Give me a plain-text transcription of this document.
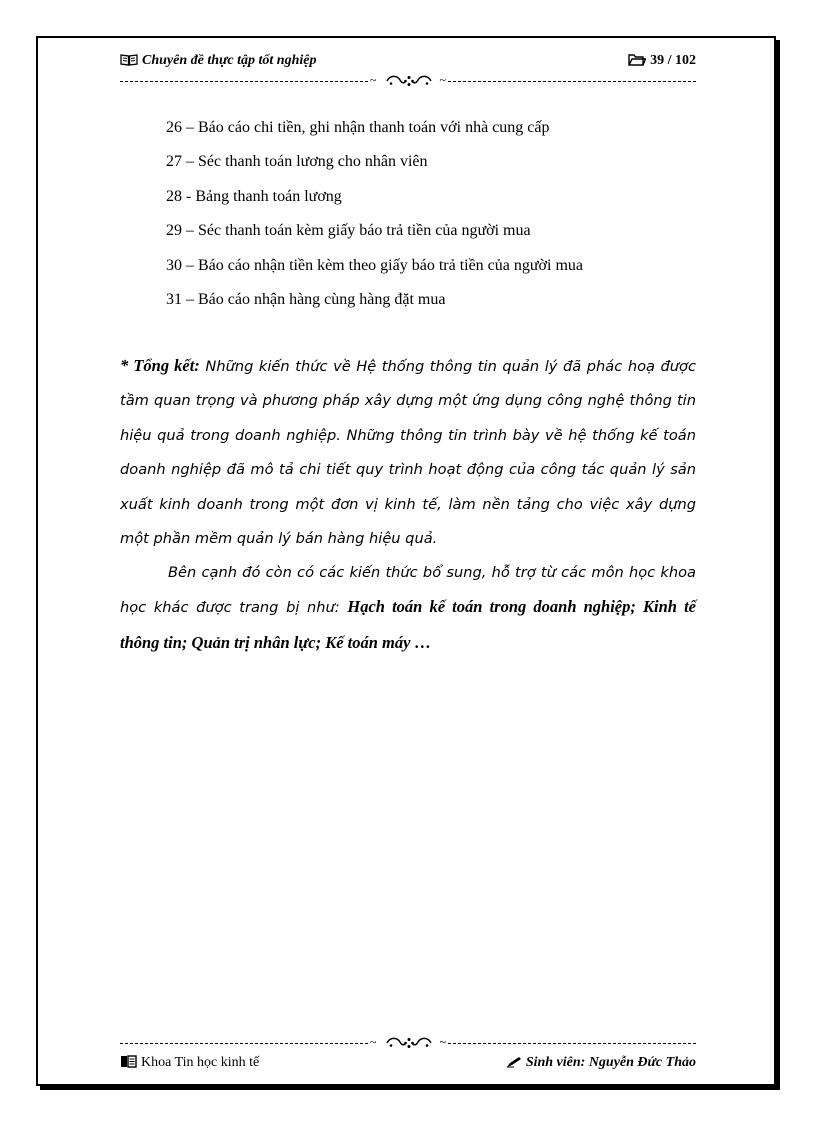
Chuyên đề thực tập tốt nghiệp	39 / 102
~	~
26 – Báo cáo chi tiền, ghi nhận thanh toán với nhà cung cấp
27 – Séc thanh toán lương cho nhân viên
28 - Bảng thanh toán lương
29 – Séc thanh toán kèm giấy báo trả tiền của người mua
30 – Báo cáo nhận tiền kèm theo giấy báo trả tiền của người mua
31 – Báo cáo nhận hàng cùng hàng đặt mua

* Tổng kết: Những kiến thức về Hệ thống thông tin quản lý đã phác hoạ được tầm quan trọng và phương pháp xây dựng một ứng dụng công nghệ thông tin hiệu quả trong doanh nghiệp. Những thông tin trình bày về hệ thống kế toán doanh nghiệp đã mô tả chi tiết quy trình hoạt động của công tác quản lý sản xuất kinh doanh trong một đơn vị kinh tế, làm nền tảng cho việc xây dựng một phần mềm quản lý bán hàng hiệu quả.

Bên cạnh đó còn có các kiến thức bổ sung, hỗ trợ từ các môn học khoa học khác được trang bị như: Hạch toán kế toán trong doanh nghiệp; Kinh tế thông tin; Quản trị nhân lực; Kế toán máy …

~	~
Khoa Tin học kinh tế	Sinh viên: Nguyễn Đức Thảo
